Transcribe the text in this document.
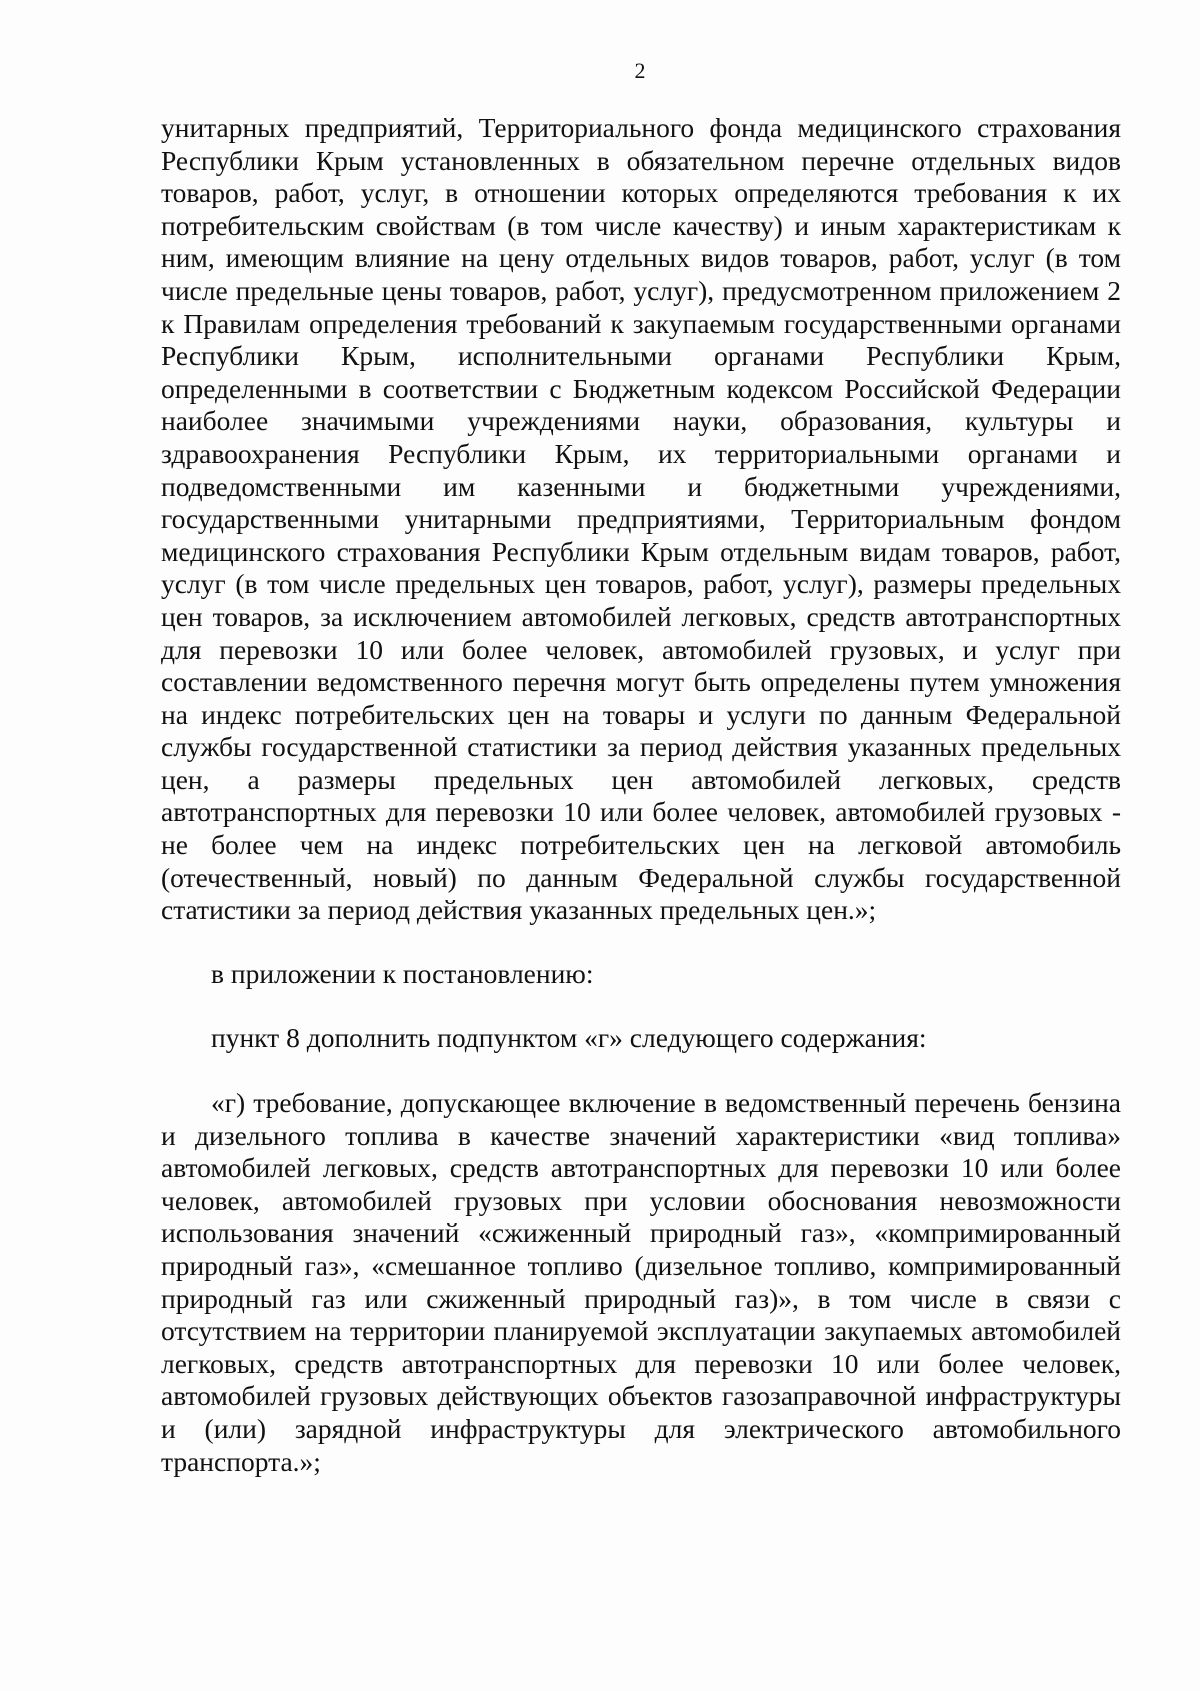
2

унитарных предприятий, Территориального фонда медицинского страхования Республики Крым установленных в обязательном перечне отдельных видов товаров, работ, услуг, в отношении которых определяются требования к их потребительским свойствам (в том числе качеству) и иным характеристикам к ним, имеющим влияние на цену отдельных видов товаров, работ, услуг (в том числе предельные цены товаров, работ, услуг), предусмотренном приложением 2 к Правилам определения требований к закупаемым государственными органами Республики Крым, исполнительными органами Республики Крым, определенными в соответствии с Бюджетным кодексом Российской Федерации наиболее значимыми учреждениями науки, образования, культуры и здравоохранения Республики Крым, их территориальными органами и подведомственными им казенными и бюджетными учреждениями, государственными унитарными предприятиями, Территориальным фондом медицинского страхования Республики Крым отдельным видам товаров, работ, услуг (в том числе предельных цен товаров, работ, услуг), размеры предельных цен товаров, за исключением автомобилей легковых, средств автотранспортных для перевозки 10 или более человек, автомобилей грузовых, и услуг при составлении ведомственного перечня могут быть определены путем умножения на индекс потребительских цен на товары и услуги по данным Федеральной службы государственной статистики за период действия указанных предельных цен, а размеры предельных цен автомобилей легковых, средств автотранспортных для перевозки 10 или более человек, автомобилей грузовых - не более чем на индекс потребительских цен на легковой автомобиль (отечественный, новый) по данным Федеральной службы государственной статистики за период действия указанных предельных цен.»;

в приложении к постановлению:

пункт 8 дополнить подпунктом «г» следующего содержания:

«г) требование, допускающее включение в ведомственный перечень бензина и дизельного топлива в качестве значений характеристики «вид топлива» автомобилей легковых, средств автотранспортных для перевозки 10 или более человек, автомобилей грузовых при условии обоснования невозможности использования значений «сжиженный природный газ», «компримированный природный газ», «смешанное топливо (дизельное топливо, компримированный природный газ или сжиженный природный газ)», в том числе в связи с отсутствием на территории планируемой эксплуатации закупаемых автомобилей легковых, средств автотранспортных для перевозки 10 или более человек, автомобилей грузовых действующих объектов газозаправочной инфраструктуры и (или) зарядной инфраструктуры для электрического автомобильного транспорта.»;
